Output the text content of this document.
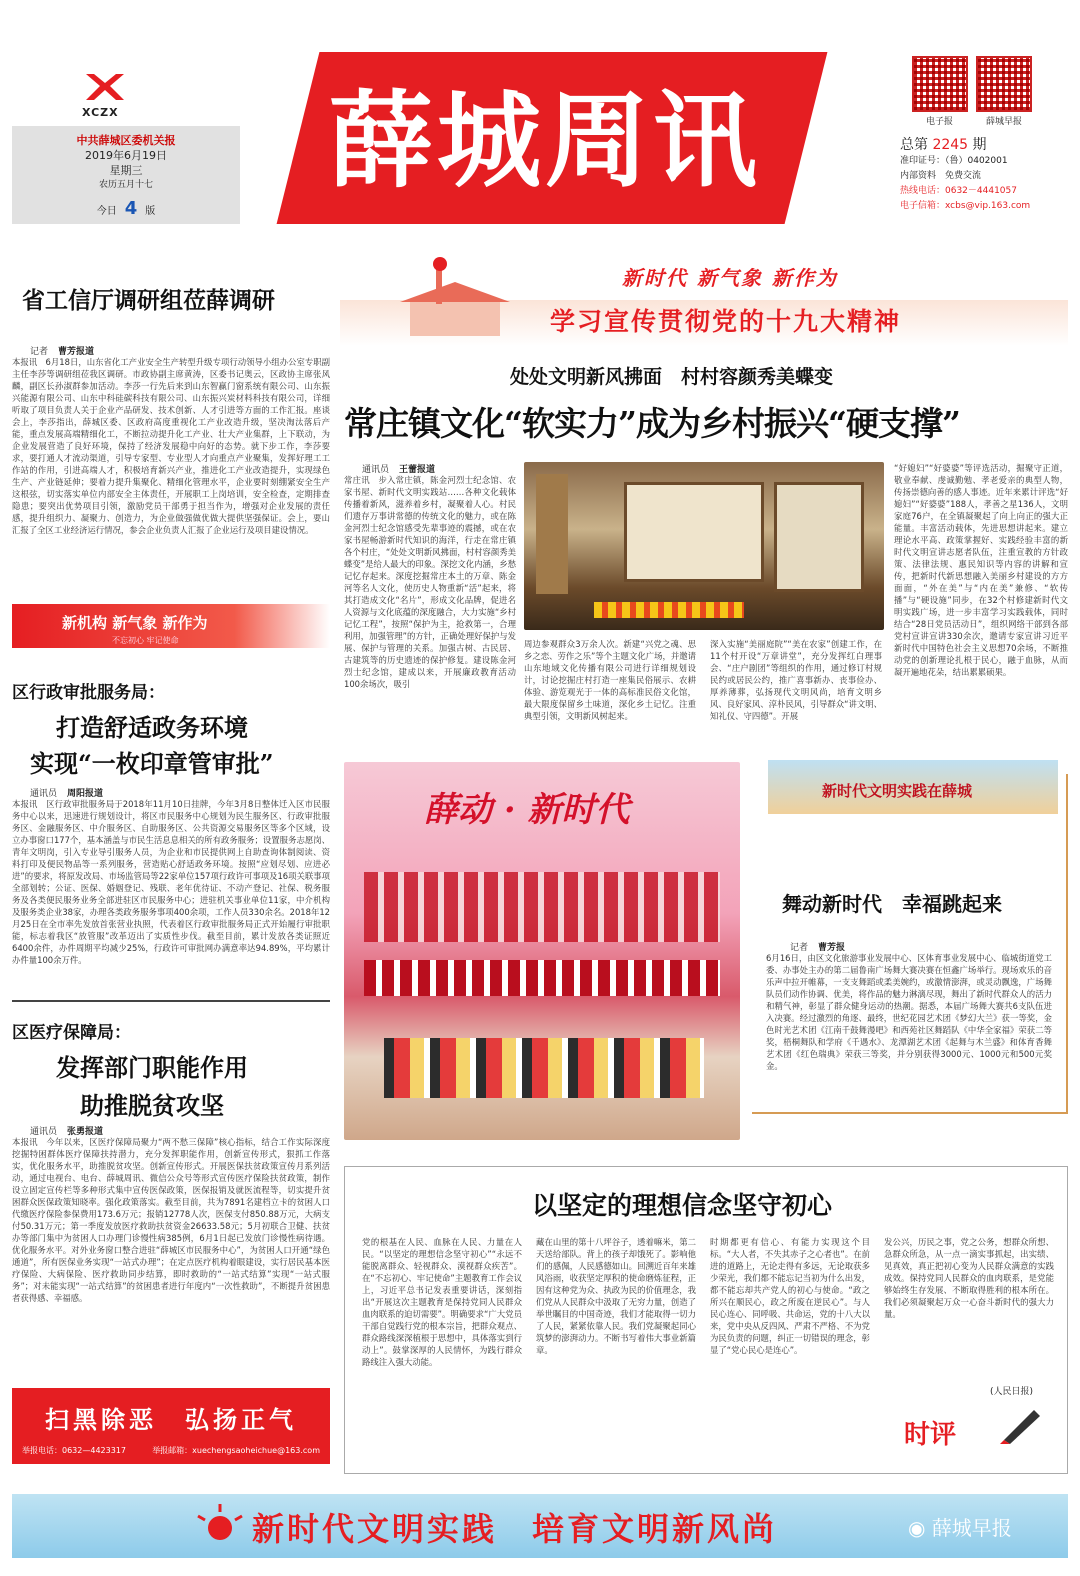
XCZX
中共薛城区委机关报
2019年6月19日
星期三
农历五月十七
今日 4 版
薛城周讯	电子报	薛城早报
总第 2245 期
准印证号：（鲁）0402001
内部资料　免费交流
热线电话：0632－4441057
电子信箱：xcbs@vip.163.com
省工信厅调研组莅薛调研
记者 曹芳报道
本报讯　6月18日，山东省化工产业安全生产转型升级专项行动领导小组办公室专职副主任李莎等调研组莅我区调研。市政协副主席黄涛，区委书记奥云，区政协主席张风麟，副区长孙淑群参加活动。李莎一行先后来到山东智赢门窗系统有限公司、山东振兴能源有限公司、山东中科硅碳科技有限公司、山东振兴炭材料科技有限公司，详细听取了项目负责人关于企业产品研发、技术创新、人才引进等方面的工作汇报。座谈会上，李莎指出，薛城区委、区政府高度重视化工产业改造升级，坚决淘汰落后产能，重点发展高端精细化工，不断拉动提升化工产业、壮大产业集群，上下联动，为企业发展营造了良好环境，保持了经济发展稳中向好的态势。就下步工作，李莎要求，要打通人才流动渠道，引导专家型、专业型人才向重点产业聚集，发挥好理工工作站的作用，引进高端人才，积极培育新兴产业，推进化工产业改造提升，实现绿色生产、产业链延伸；要着力提升集聚化、精细化管理水平，企业要时刻绷紧安全生产这根弦，切实落实单位内部安全主体责任，开展职工上岗培训，安全检查，定期排查隐患；要突出优势项目引领，激励党员干部勇于担当作为，增强对企业发展的责任感，提升组织力、凝聚力、创造力，为企业做强做优做大提供坚强保证。会上，要山汇报了全区工业经济运行情况，参会企业负责人汇报了企业运行及项目建设情况。
新机构 新气象 新作为
不忘初心 牢记使命
区行政审批服务局：
打造舒适政务环境
实现“一枚印章管审批”
通讯员 周阳报道
本报讯　区行政审批服务局于2018年11月10日挂牌，今年3月8日整体迁入区市民服务中心以来，迅速进行规划设计，将区市民服务中心规划为民生服务区、行政审批服务区、金融服务区、中介服务区、自助服务区、公共资源交易服务区等多个区域，设立办事窗口177个，基本涵盖与市民生活息息相关的所有政务服务；设置服务志愿岗、青年文明岗，引入专业导引服务人员，为企业和市民提供网上自助查询体制阅读、资料打印及便民物品等一系列服务，营造贴心舒适政务环境。按照“应划尽划、应进必进”的要求，将原发改局、市场监管局等22家单位157项行政许可事项及16项关联事项全部划转；公证、医保、婚姻登记、残联、老年优待证、不动产登记、社保、税务服务及各类便民服务业务全部进驻区市民服务中心；进驻机关事业单位11家，中介机构及服务类企业38家，办理各类政务服务事项400余项，工作人员330余名。2018年12月25日在全市率先发放首张营业执照，代表着区行政审批服务局正式开始履行审批职能，标志着我区“放管服”改革迈出了实质性步伐。截至目前，累计发放各类证照近6400余件，办件周期平均减少25%，行政许可审批网办满意率达94.89%，平均累计办件量100余万件。
区医疗保障局：
发挥部门职能作用
助推脱贫攻坚
通讯员 张勇报道
本报讯　今年以来，区医疗保障局聚力“两不愁三保障”核心指标，结合工作实际深度挖掘特困群体医疗保障扶持潜力，充分发挥职能作用，创新宣传形式，狠抓工作落实，优化服务水平，助推脱贫攻坚。创新宣传形式。开展医保扶贫政策宣传月系列活动，通过电视台、电台、薛城周讯、微信公众号等形式宣传医疗保险扶贫政策，制作设立固定宣传栏等多种形式集中宣传医保政策，医保报销及就医流程等，切实提升贫困群众医保政策知晓率。强化政策落实。截至目前，共为7891名建档立卡的贫困人口代缴医疗保险参保费用173.6万元；报销12778人次，医保支付850.88万元，大病支付50.31万元；第一季度发放医疗救助扶贫资金26633.58元；5月初联合卫健、扶贫办等部门集中为贫困人口办理门诊慢性病385例，6月1日起已发放门诊慢性病待遇。优化服务水平。对外业务窗口整合进驻“薛城区市民服务中心”，为贫困人口开通“绿色通道”，所有医保业务实现“一站式办理”；在定点医疗机构着眼建设，实行居民基本医疗保险、大病保险、医疗救助同步结算，即时救助的“一站式结算”实现“一站式服务”；对未能实现“一站式结算”的贫困患者进行年度内“一次性救助”，不断提升贫困患者获得感、幸福感。
扫黑除恶　弘扬正气
举报电话：0632—4423317	举报邮箱：xuechengsaoheichue@163.com
新时代 新气象 新作为
学习宣传贯彻党的十九大精神
处处文明新风拂面　村村容颜秀美蝶变
常庄镇文化“软实力”成为乡村振兴“硬支撑”
通讯员 王蕾报道
常庄讯　步入常庄镇，陈金河烈士纪念馆、农家书屋、新时代文明实践站……各种文化载体传播着新风，滋养着乡村，凝聚着人心。村民们遗存万事讲常德的传统文化的魅力，或在陈金河烈士纪念馆感受先辈事迹的震撼，或在农家书屋畅游新时代知识的海洋，行走在常庄镇各个村庄，“处处文明新风拂面，村村容颜秀美蝶变”是给人最大的印象。深挖文化内涵，乡愁记忆存起来。深度挖掘常庄本土的万章、陈金河等名人文化，使历史人物重新“活”起来，将其打造成文化“名片”，形成文化品牌，促进名人资源与文化底蕴的深度融合，大力实施“乡村记忆工程”，按照“保护为主，抢救第一，合理利用，加强管理”的方针，正确处理好保护与发展、保护与管理的关系。加强古树、古民居、古建筑等的历史遗迹的保护修复。建设陈金河烈士纪念馆，建成以来，开展廉政教育活动100余场次，吸引
周边参观群众3万余人次。新建“兴党之魂、思乡之恋、劳作之乐”等个主题文化广场，并邀请山东地域文化传播有限公司进行详细规划设计，讨论挖掘庄村打造一座集民俗展示、农耕体验、游览观光于一体的高标准民俗文化馆，最大限度保留乡土味道，深化乡土记忆。注重典型引领，文明新风树起来。
深入实施“美丽庭院”“美在农家”创建工作，在11个村开设“万章讲堂”，充分发挥红白理事会、“庄户剧团”等组织的作用，通过修订村规民约或居民公约，推广喜事新办、丧事俭办、厚养薄葬，弘扬现代文明风尚，培育文明乡风、良好家风、淳朴民风，引导群众“讲文明、知礼仪、守四德”。开展
“好媳妇”“好婆婆”等评选活动，掘聚守正道，敬业奉献、虔诚勤勉、孝老爱亲的典型人物，传扬崇德向善的感人事迹。近年来累计评选“好媳妇”“好婆婆”188人，孝善之星136人，文明家庭76户，在全镇凝聚起了向上向正的强大正能量。丰富活动载体，先进思想讲起来。建立理论水平高、政策掌握好、实践经验丰富的新时代文明宣讲志愿者队伍，注重宣教的方针政策、法律法规、惠民知识等内容的讲解和宣传，把新时代新思想融入美丽乡村建设的方方面面，“外在美”与“内在美”兼修、“软传播”与“硬设施”同步，在32个村修建新时代文明实践广场，进一步丰富学习实践载体，同时结合“28日党员活动日”，组织网络干部到各部党村宣讲宣讲330余次，邀请专家宣讲习近平新时代中国特色社会主义思想70余场，不断推动党的创新理论扎根于民心，融于血脉，从而凝开遍地花朵，结出累累硕果。
薛动 · 新时代	新时代文明实践在薛城
舞动新时代　幸福跳起来
记者 曹芳报
6月16日，由区文化旅游事业发展中心、区体育事业发展中心、临城街道党工委、办事处主办的第二届鲁南广场舞大赛决赛在恒鑫广场举行。现场欢乐的音乐声中拉开帷幕，一支支舞蹈或柔美婉约，或激情澎湃，或灵动飘逸，广场舞队员们动作协调、优美，将作品的魅力淋漓尽现，舞出了新时代群众人的活力和精气神，彰显了群众健身运动的热潮。据悉，本届广场舞大赛共6支队伍进入决赛。经过激烈的角逐、最终，世纪花园艺术团《梦幻大兰》获一等奖，金色时光艺术团《江南千鼓舞漫吧》和西苑社区舞蹈队《中华全家福》荣获二等奖，梧桐舞队和学府《千遇水》、龙潭湖艺术团《起舞与木兰盛》和体育香舞艺术团《红色瑞典》荣获三等奖，并分别获得3000元、1000元和500元奖金。
以坚定的理想信念坚守初心
党的根基在人民、血脉在人民、力量在人民。“以坚定的理想信念坚守初心”“永远不能脱离群众、轻视群众、漠视群众疾苦”。在“不忘初心、牢记使命”主题教育工作会议上，习近平总书记发表重要讲话，深刻指出“开展这次主题教育是保持党同人民群众血肉联系的迫切需要”。明确要求“广大党员干部自觉践行党的根本宗旨，把群众观点、群众路线深深植根于思想中，具体落实到行动上”。鼓掌深厚的人民情怀，为践行群众路线注入强大动能。
藏在山里的第十八坪谷子，透着嘛米，第二天送给部队。背上的孩子却饿死了。影响他们的感佩，人民感德如山。回溯近百年来雄风浴雨，收获坚定厚积的使命磨炼征程，正因有这种党为众、执政为民的价值理念，我们党从人民群众中汲取了无穷力量，创造了举世瞩目的中国奇迹，我们才能取得一切力了人民，紧紧依靠人民。我们党凝聚起同心筑梦的澎湃动力。不断书写着伟大事业新篇章。
时期都更有信心、有能力实现这个目标。“大人者，不失其赤子之心者也”。在前进的道路上，无论走得有多远，无论取获多少荣光，我们都不能忘记当初为什么出发，都不能忘却共产党人的初心与使命。“政之所兴在顺民心，政之所废在逆民心”。与人民心连心、同呼吸、共命运，党的十八大以来，党中央从反四风、严肃不严格、不为党为民负责的问题，纠正一切错误的理念，彰显了“党心民心是连心”。
发公兴，历民之事，党之公务，想群众所想、急群众所急，从一点一滴实事抓起，出实绩、见真效，真正把初心变为人民群众满意的实践成效。保持党同人民群众的血肉联系，是党能够始终生存发展、不断取得胜利的根本所在。我们必须凝聚起万众一心奋斗新时代的强大力量。
(人民日报)
时评
新时代文明实践　培育文明新风尚	◉ 薛城早报
